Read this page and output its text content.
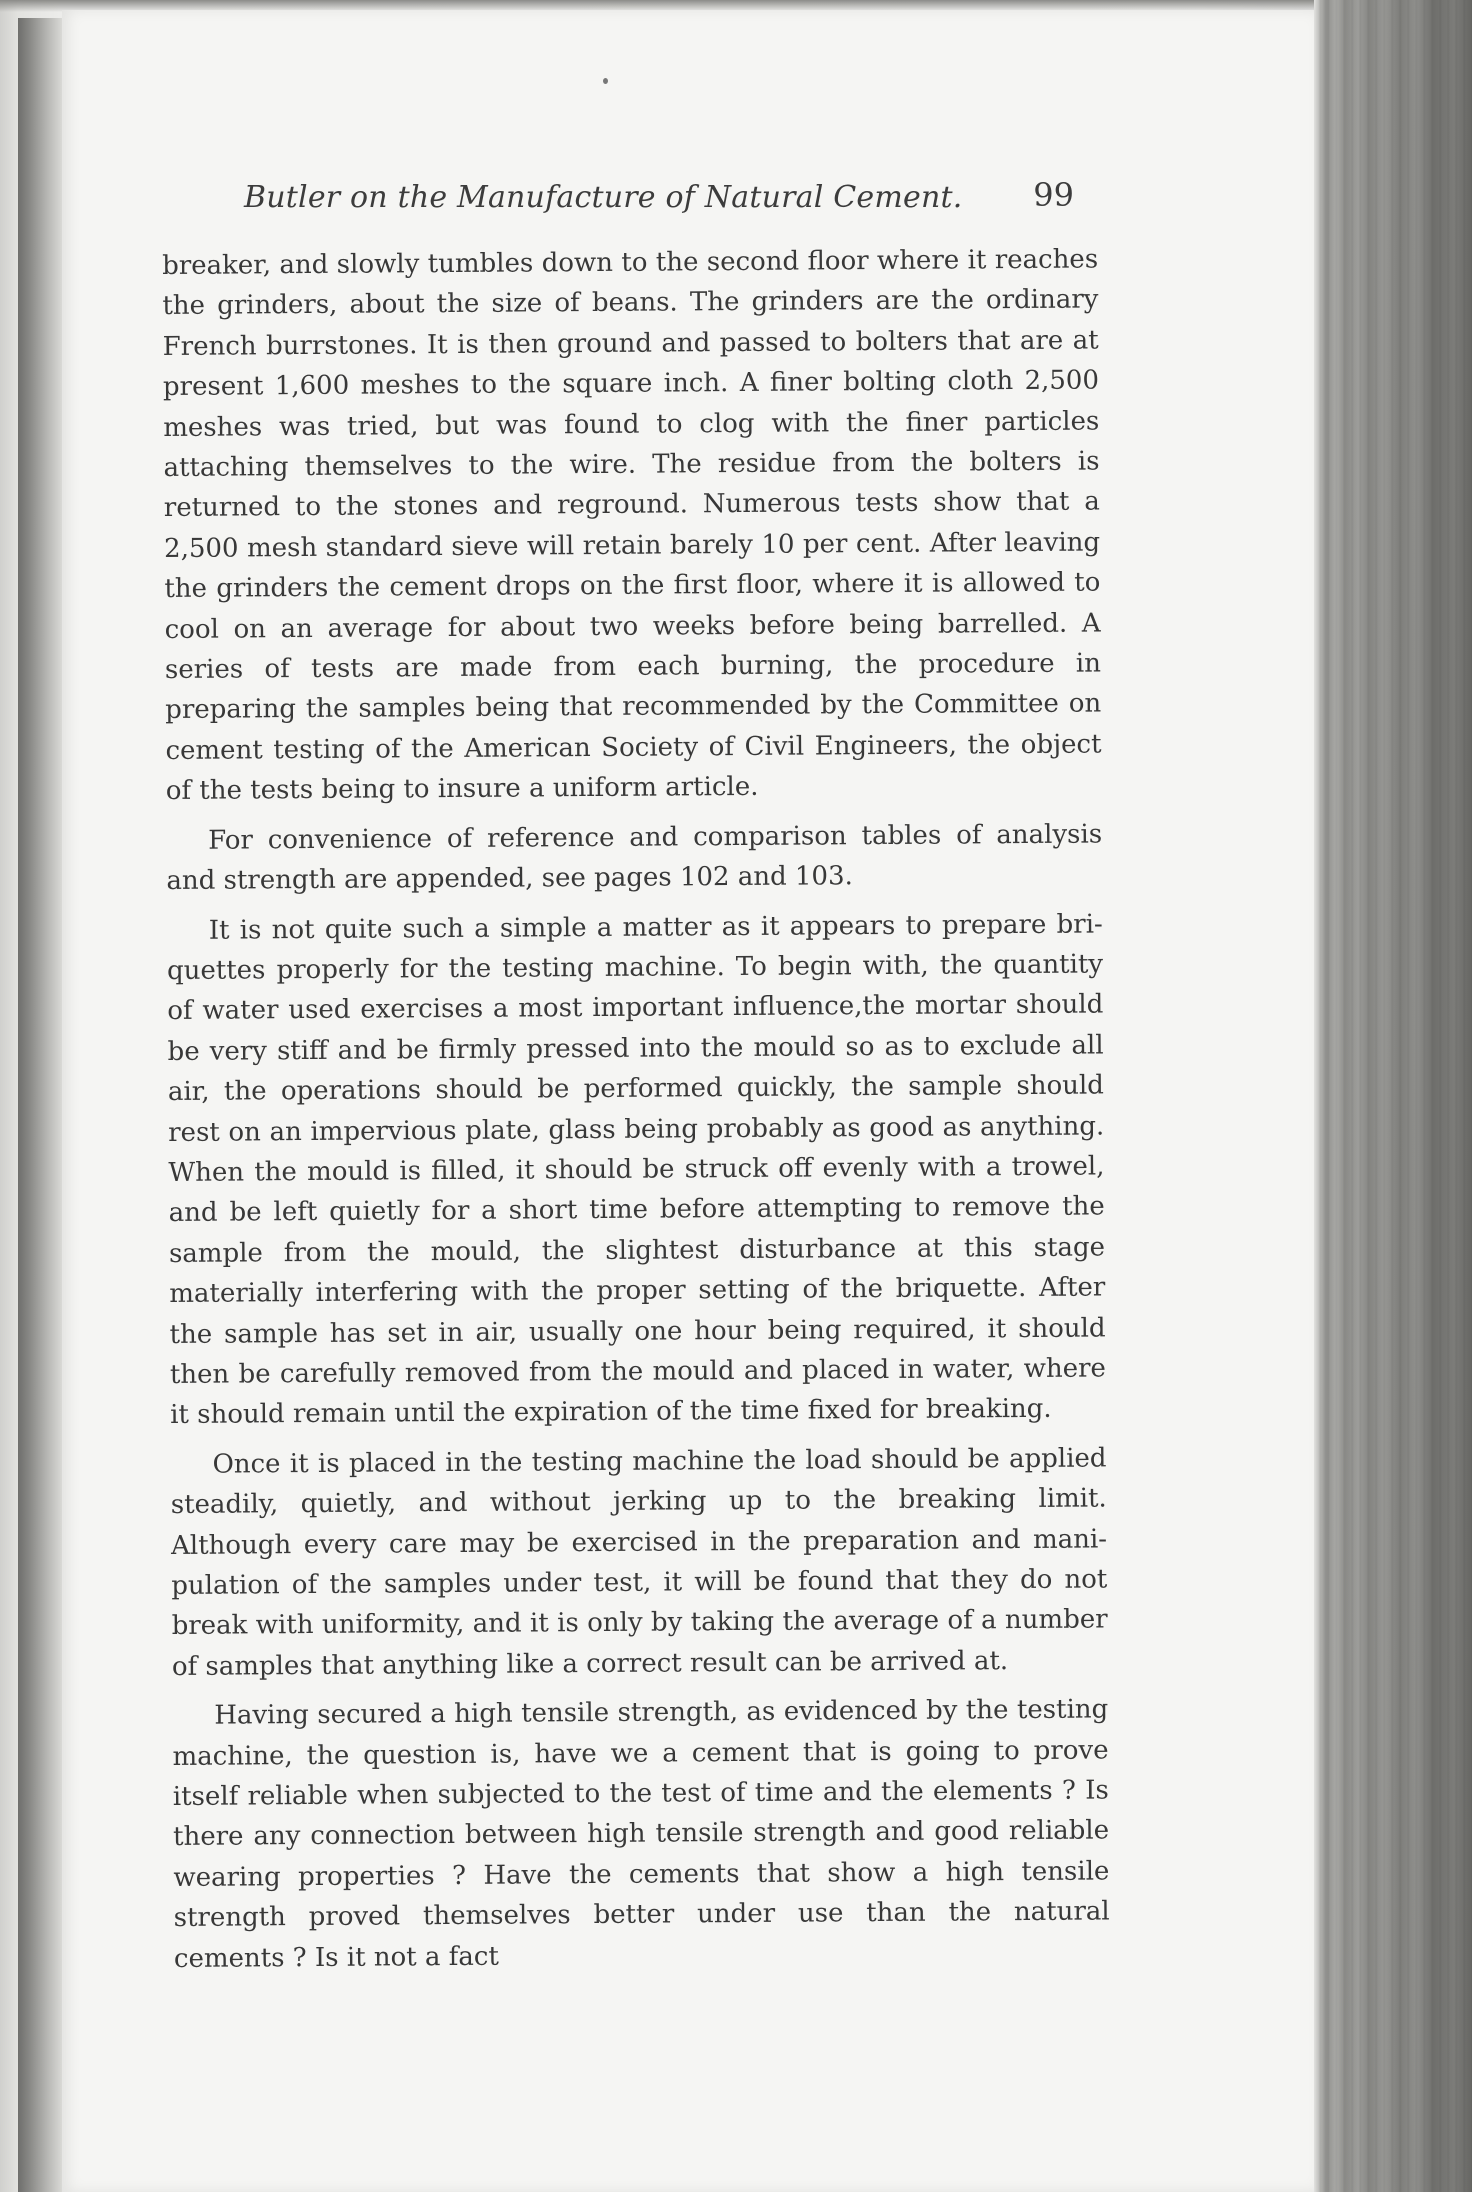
Butler on the Manufacture of Natural Cement. 99

breaker, and slowly tumbles down to the second floor where it reaches the grinders, about the size of beans. The grinders are the ordinary French burrstones. It is then ground and passed to bolters that are at present 1,600 meshes to the square inch. A finer bolting cloth 2,500 meshes was tried, but was found to clog with the finer particles attaching themselves to the wire. The residue from the bolters is returned to the stones and reground. Numerous tests show that a 2,500 mesh standard sieve will retain barely 10 per cent. After leaving the grinders the cement drops on the first floor, where it is allowed to cool on an average for about two weeks before being barrelled. A series of tests are made from each burning, the procedure in preparing the samples being that recommended by the Committee on cement testing of the American Society of Civil Engineers, the object of the tests being to insure a uniform article.

For convenience of reference and comparison tables of analysis and strength are appended, see pages 102 and 103.

It is not quite such a simple a matter as it appears to prepare briquettes properly for the testing machine. To begin with, the quantity of water used exercises a most important influence,the mortar should be very stiff and be firmly pressed into the mould so as to exclude all air, the operations should be performed quickly, the sample should rest on an impervious plate, glass being probably as good as anything. When the mould is filled, it should be struck off evenly with a trowel, and be left quietly for a short time before attempting to remove the sample from the mould, the slightest disturbance at this stage materially interfering with the proper setting of the briquette. After the sample has set in air, usually one hour being required, it should then be carefully removed from the mould and placed in water, where it should remain until the expiration of the time fixed for breaking.

Once it is placed in the testing machine the load should be applied steadily, quietly, and without jerking up to the breaking limit. Although every care may be exercised in the preparation and manipulation of the samples under test, it will be found that they do not break with uniformity, and it is only by taking the average of a number of samples that anything like a correct result can be arrived at.

Having secured a high tensile strength, as evidenced by the testing machine, the question is, have we a cement that is going to prove itself reliable when subjected to the test of time and the elements ? Is there any connection between high tensile strength and good reliable wearing properties ? Have the cements that show a high tensile strength proved themselves better under use than the natural cements ? Is it not a fact
